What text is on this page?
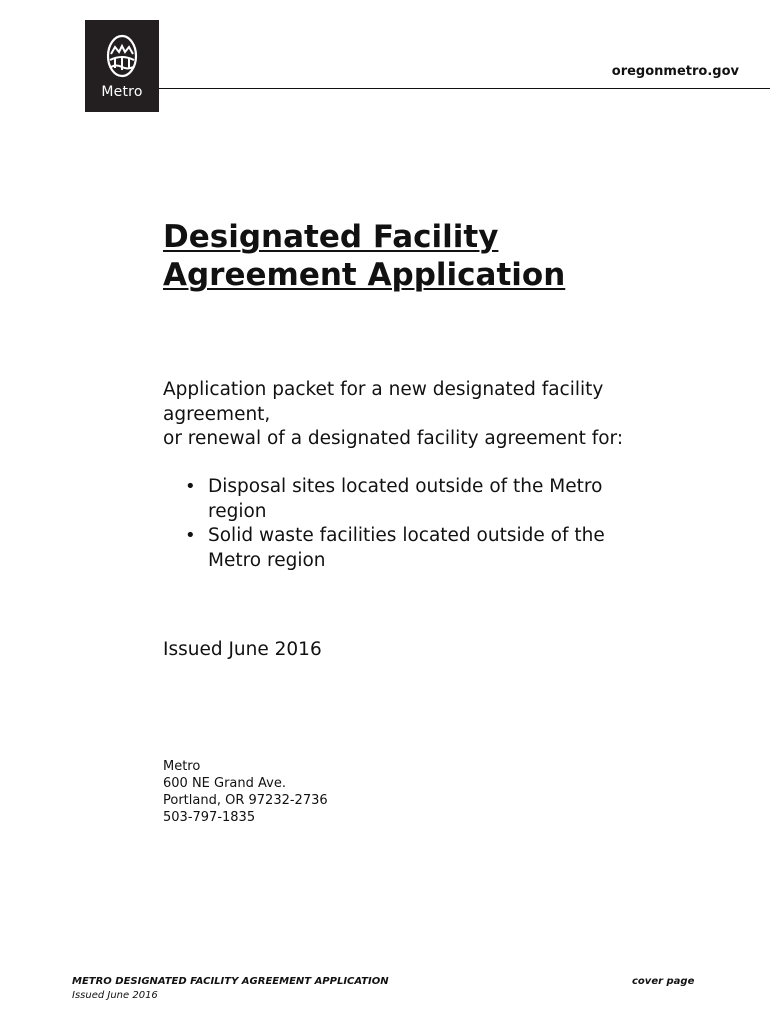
Metro
oregonmetro.gov
Designated Facility
Agreement Application

Application packet for a new designated facility
agreement,
or renewal of a designated facility agreement for:

• Disposal sites located outside of the Metro region
• Solid waste facilities located outside of the Metro region

Issued June 2016

Metro
600 NE Grand Ave.
Portland, OR 97232-2736
503-797-1835

METRO DESIGNATED FACILITY AGREEMENT APPLICATION
Issued June 2016
cover page
